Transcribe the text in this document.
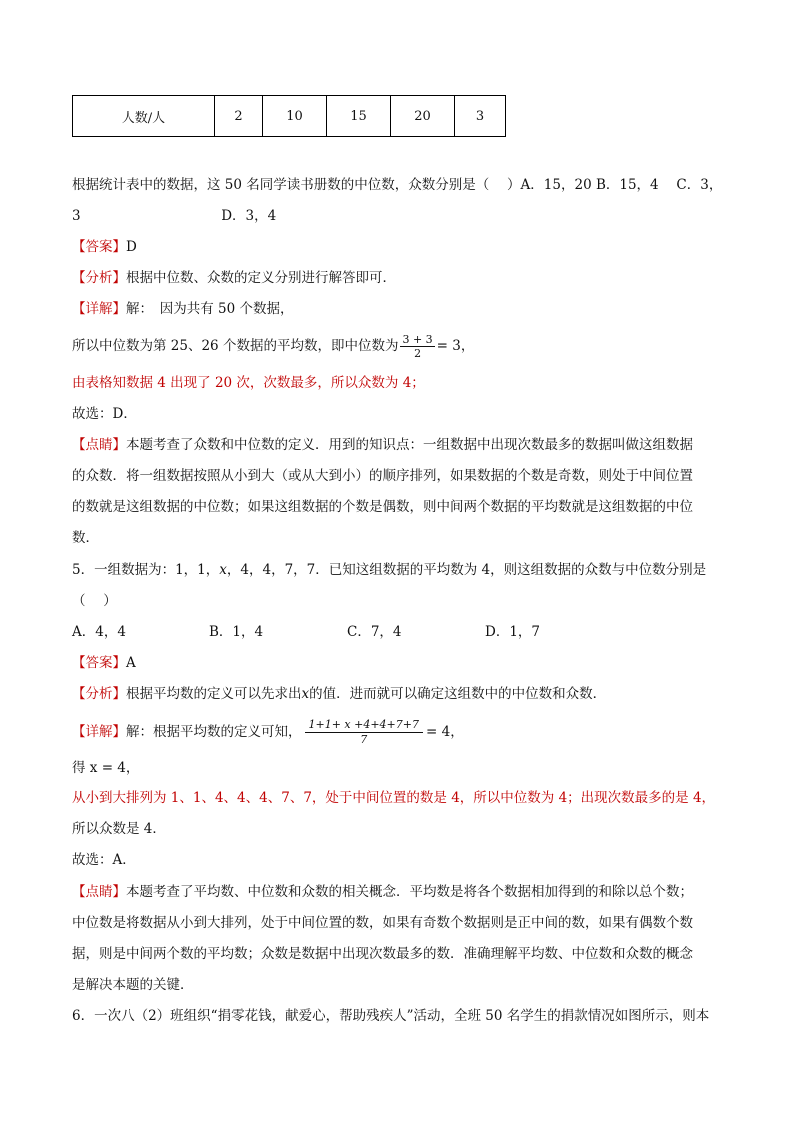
人数/人	2	10	15	20	3
根据统计表中的数据，这 50 名同学读书册数的中位数，众数分别是（　 ）A．15，20 B．15，4　 C．3，
3	D．3，4
【答案】D
【分析】根据中位数、众数的定义分别进行解答即可．
【详解】解：　因为共有 50 个数据，
所以中位数为第 25、26 个数据的平均数，即中位数为 $\frac{3 + 3}{2} = 3$，
由表格知数据 4 出现了 20 次，次数最多，所以众数为 4；
故选：D．
【点睛】本题考查了众数和中位数的定义．用到的知识点：一组数据中出现次数最多的数据叫做这组数据
的众数．将一组数据按照从小到大（或从大到小）的顺序排列，如果数据的个数是奇数，则处于中间位置
的数就是这组数据的中位数；如果这组数据的个数是偶数，则中间两个数据的平均数就是这组数据的中位
数．
5．一组数据为：1，1，x，4，4，7，7．已知这组数据的平均数为 4，则这组数据的众数与中位数分别是
（　 ）
A．4，4	B．1，4	C．7，4	D．1，7
【答案】A
【分析】根据平均数的定义可以先求出x的值．进而就可以确定这组数中的中位数和众数．
【详解】解：根据平均数的定义可知， $\frac{1+1+ x +4+4+7+7}{7} = 4$，
得 x = 4，
从小到大排列为 1、1、4、4、4、7、7，处于中间位置的数是 4，所以中位数为 4；出现次数最多的是 4，
所以众数是 4．
故选：A．
【点睛】本题考查了平均数、中位数和众数的相关概念．平均数是将各个数据相加得到的和除以总个数；
中位数是将数据从小到大排列，处于中间位置的数，如果有奇数个数据则是正中间的数，如果有偶数个数
据，则是中间两个数的平均数；众数是数据中出现次数最多的数．准确理解平均数、中位数和众数的概念
是解决本题的关键．
6．一次八（2）班组织“捐零花钱，献爱心，帮助残疾人”活动，全班 50 名学生的捐款情况如图所示，则本
